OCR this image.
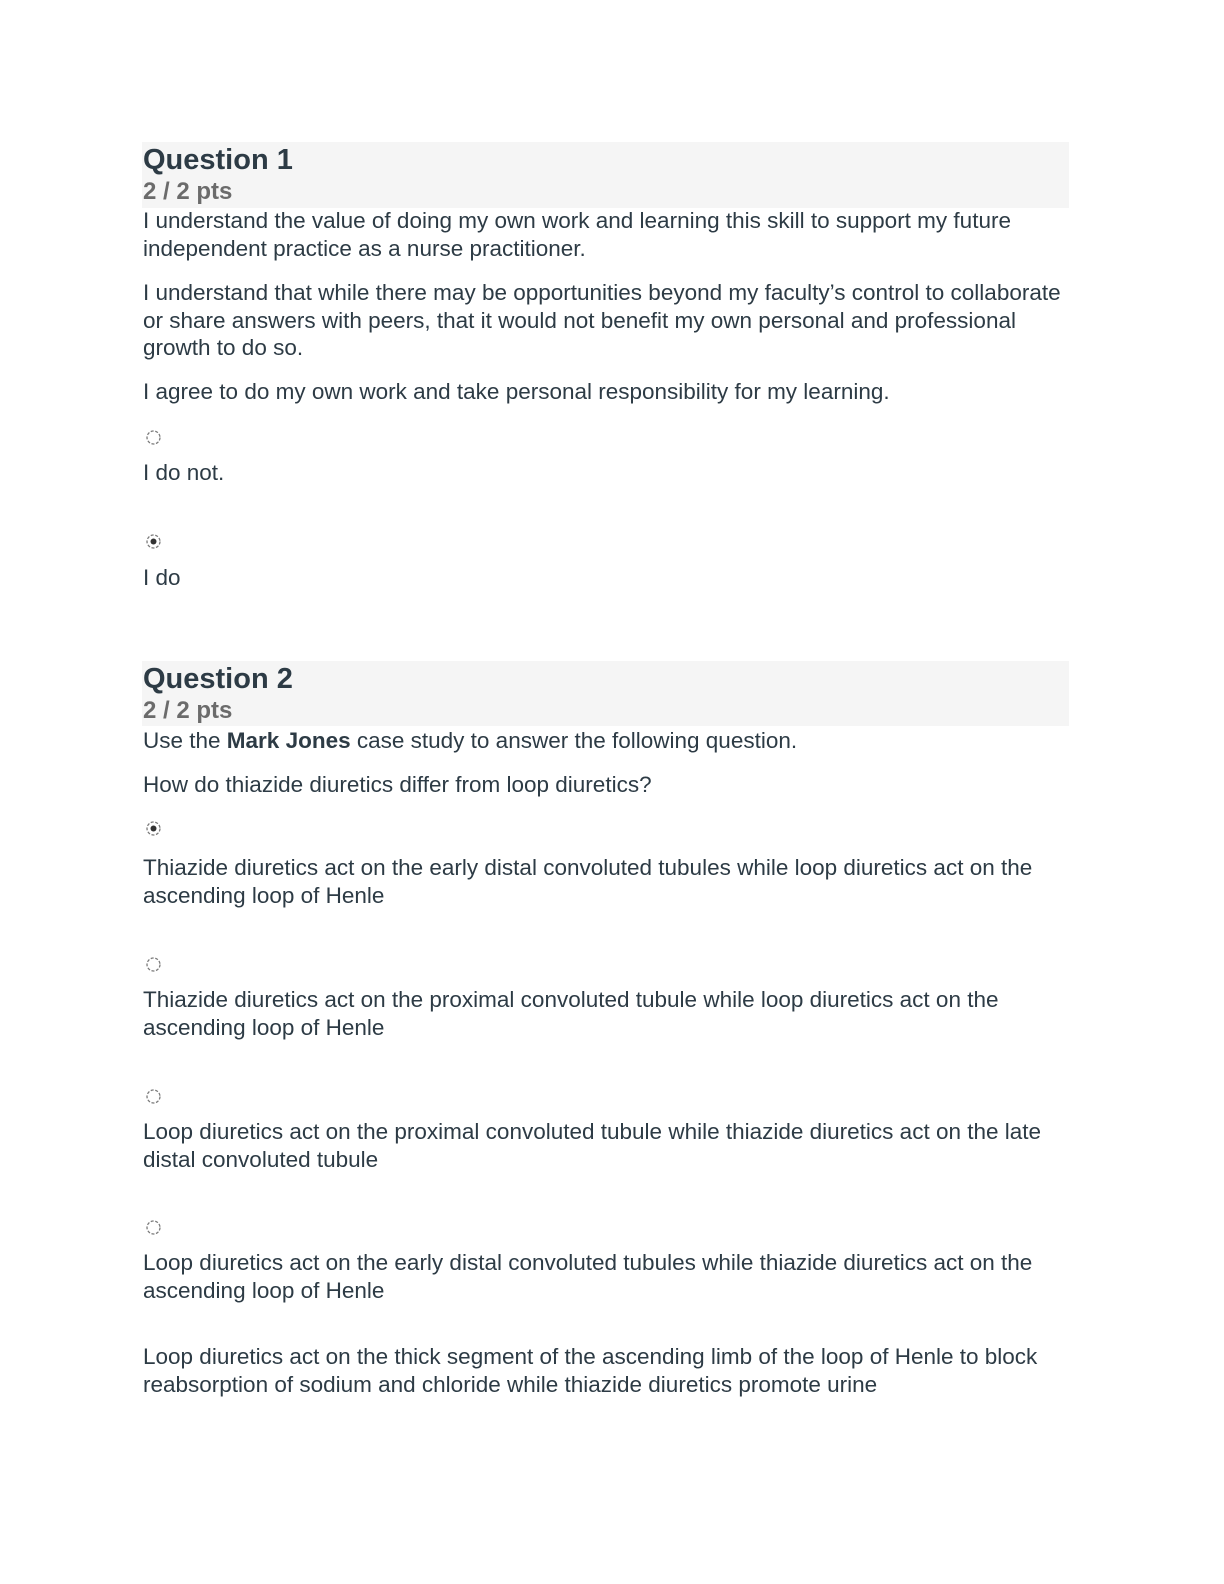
Question 1
2 / 2 pts

I understand the value of doing my own work and learning this skill to support my future independent practice as a nurse practitioner.

I understand that while there may be opportunities beyond my faculty’s control to collaborate or share answers with peers, that it would not benefit my own personal and professional growth to do so.

I agree to do my own work and take personal responsibility for my learning.

I do not.

I do

Question 2
2 / 2 pts

Use the Mark Jones case study to answer the following question.

How do thiazide diuretics differ from loop diuretics?

Thiazide diuretics act on the early distal convoluted tubules while loop diuretics act on the ascending loop of Henle

Thiazide diuretics act on the proximal convoluted tubule while loop diuretics act on the ascending loop of Henle

Loop diuretics act on the proximal convoluted tubule while thiazide diuretics act on the late distal convoluted tubule

Loop diuretics act on the early distal convoluted tubules while thiazide diuretics act on the ascending loop of Henle

Loop diuretics act on the thick segment of the ascending limb of the loop of Henle to block reabsorption of sodium and chloride while thiazide diuretics promote urine
